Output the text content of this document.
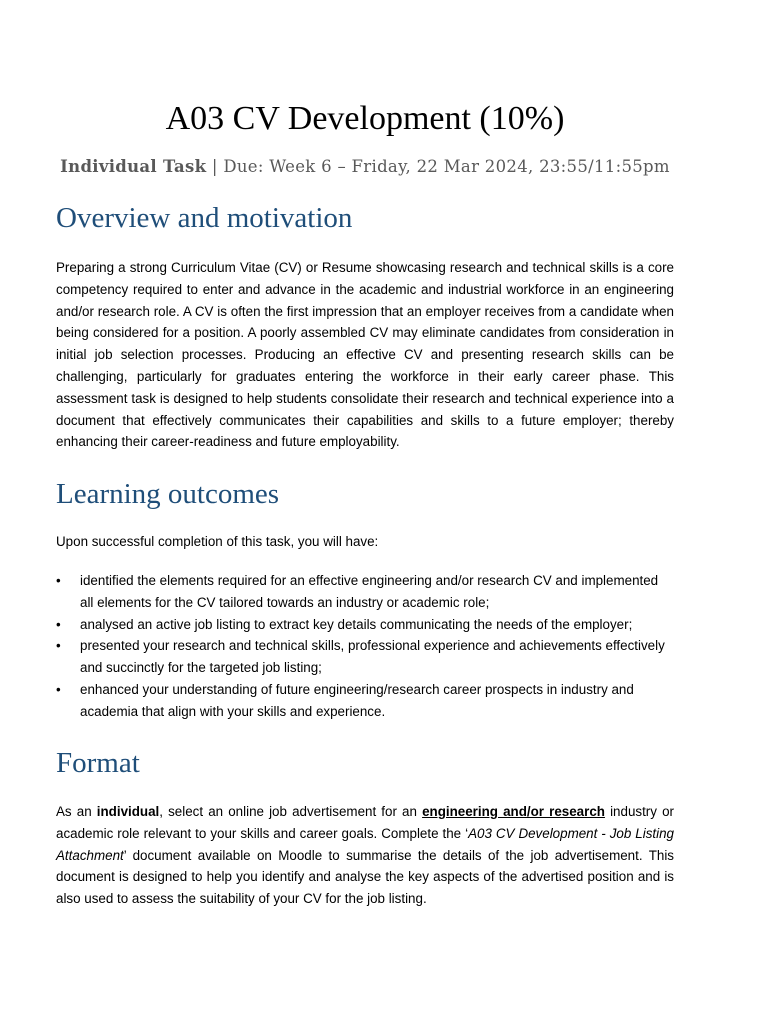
A03 CV Development (10%)

Individual Task | Due: Week 6 – Friday, 22 Mar 2024, 23:55/11:55pm

Overview and motivation

Preparing a strong Curriculum Vitae (CV) or Resume showcasing research and technical skills is a core competency required to enter and advance in the academic and industrial workforce in an engineering and/or research role. A CV is often the first impression that an employer receives from a candidate when being considered for a position. A poorly assembled CV may eliminate candidates from consideration in initial job selection processes. Producing an effective CV and presenting research skills can be challenging, particularly for graduates entering the workforce in their early career phase. This assessment task is designed to help students consolidate their research and technical experience into a document that effectively communicates their capabilities and skills to a future employer; thereby enhancing their career-readiness and future employability.

Learning outcomes

Upon successful completion of this task, you will have:

• identified the elements required for an effective engineering and/or research CV and implemented all elements for the CV tailored towards an industry or academic role;
• analysed an active job listing to extract key details communicating the needs of the employer;
• presented your research and technical skills, professional experience and achievements effectively and succinctly for the targeted job listing;
• enhanced your understanding of future engineering/research career prospects in industry and academia that align with your skills and experience.
Format

As an individual, select an online job advertisement for an engineering and/or research industry or academic role relevant to your skills and career goals. Complete the ‘A03 CV Development - Job Listing Attachment’ document available on Moodle to summarise the details of the job advertisement. This document is designed to help you identify and analyse the key aspects of the advertised position and is also used to assess the suitability of your CV for the job listing.
